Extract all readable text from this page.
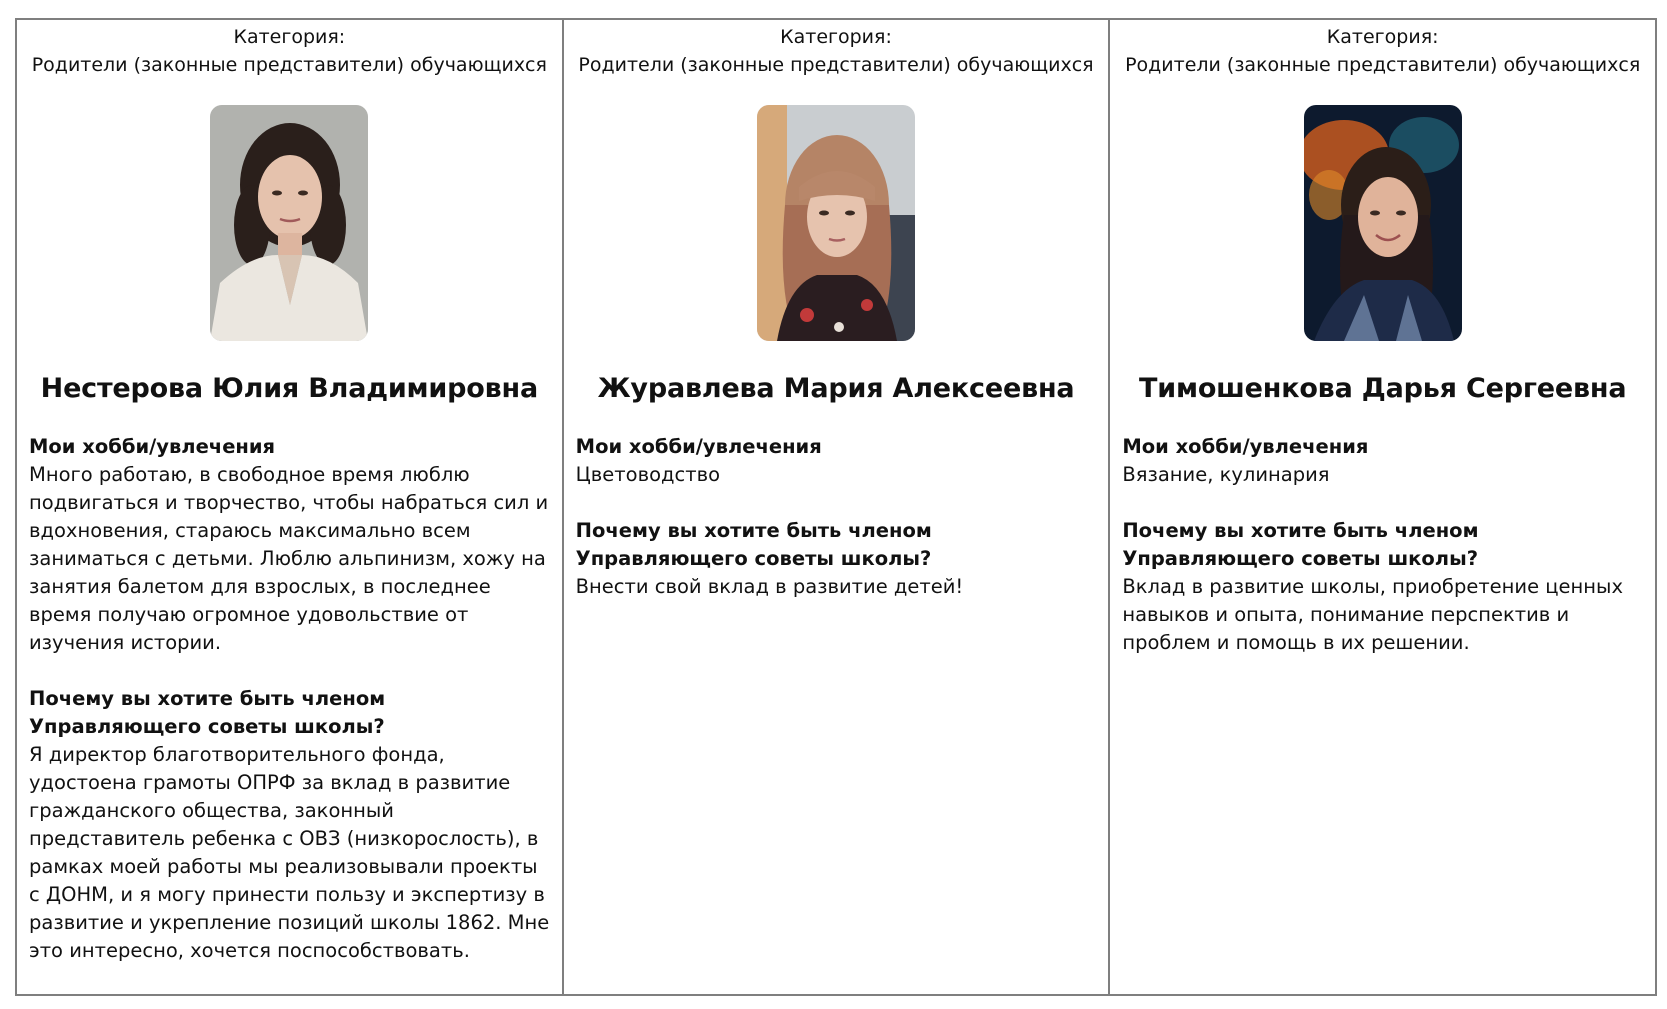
Категория:
Родители (законные представители) обучающихся
Нестерова Юлия Владимировна
Мои хобби/увлечения
Много работаю, в свободное время люблю подвигаться и творчество, чтобы набраться сил и вдохновения, стараюсь максимально всем заниматься с детьми. Люблю альпинизм, хожу на занятия балетом для взрослых, в последнее время получаю огромное удовольствие от изучения истории.
Почему вы хотите быть членом Управляющего советы школы?
Я директор благотворительного фонда, удостоена грамоты ОПРФ за вклад в развитие гражданского общества, законный представитель ребенка с ОВЗ (низкорослость), в рамках моей работы мы реализовывали проекты с ДОНМ, и я могу принести пользу и экспертизу в развитие и укрепление позиций школы 1862. Мне это интересно, хочется поспособствовать.
Категория:
Родители (законные представители) обучающихся
Журавлева Мария Алексеевна
Мои хобби/увлечения
Цветоводство
Почему вы хотите быть членом Управляющего советы школы?
Внести свой вклад в развитие детей!
Категория:
Родители (законные представители) обучающихся
Тимошенкова Дарья Сергеевна
Мои хобби/увлечения
Вязание, кулинария
Почему вы хотите быть членом Управляющего советы школы?
Вклад в развитие школы, приобретение ценных навыков и опыта, понимание перспектив и проблем и помощь в их решении.
